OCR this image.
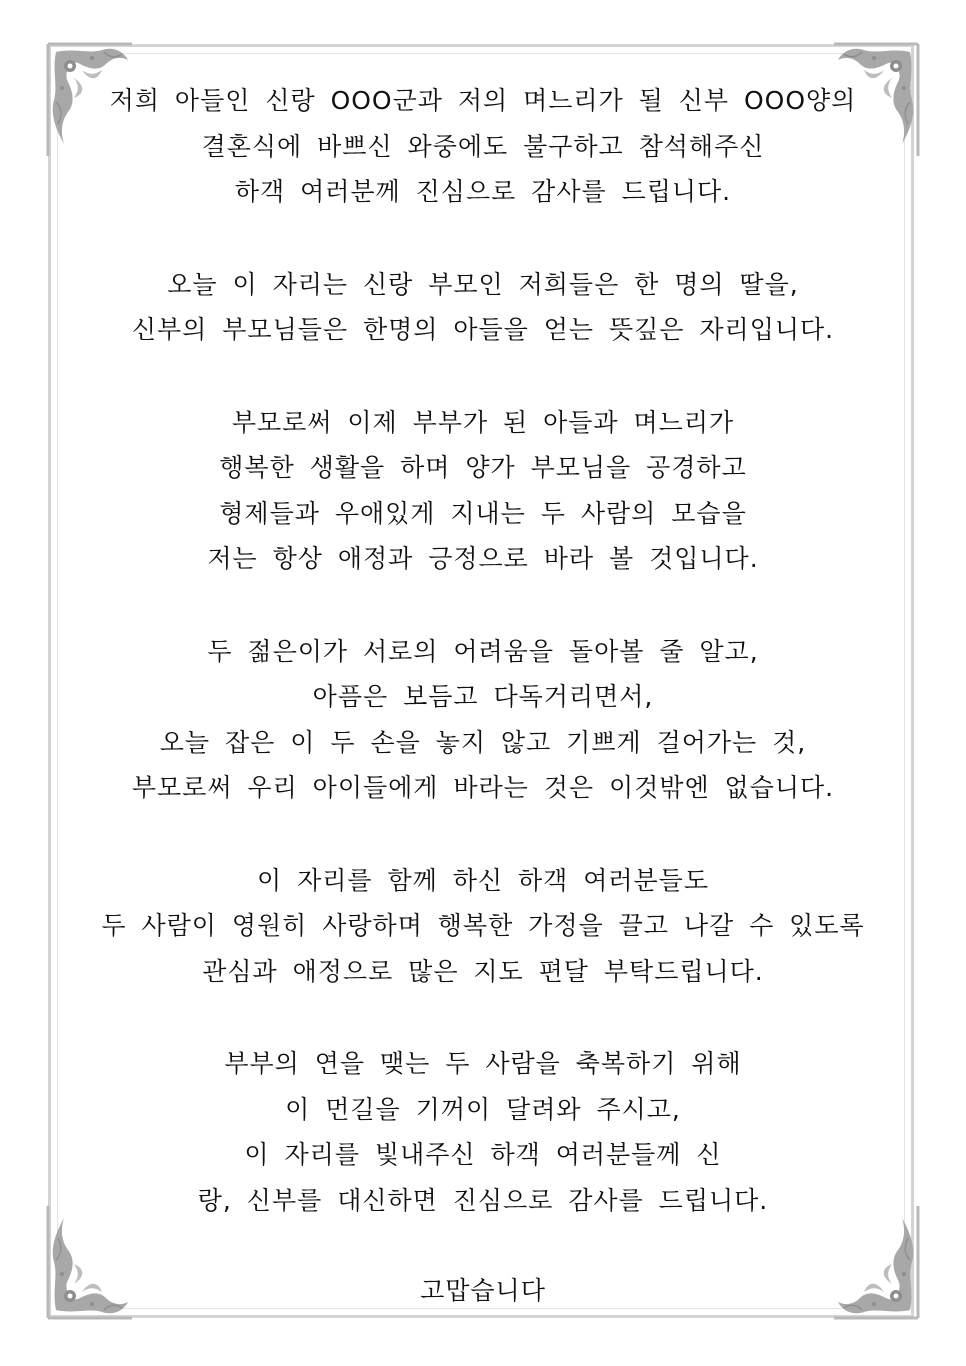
저희 아들인 신랑 OOO군과 저의 며느리가 될 신부 OOO양의
결혼식에 바쁘신 와중에도 불구하고 참석해주신
하객 여러분께 진심으로 감사를 드립니다.
오늘 이 자리는 신랑 부모인 저희들은 한 명의 딸을,
신부의 부모님들은 한명의 아들을 얻는 뜻깊은 자리입니다.
부모로써 이제 부부가 된 아들과 며느리가
행복한 생활을 하며 양가 부모님을 공경하고
형제들과 우애있게 지내는 두 사람의 모습을
저는 항상 애정과 긍정으로 바라 볼 것입니다.
두 젊은이가 서로의 어려움을 돌아볼 줄 알고,
아픔은 보듬고 다독거리면서,
오늘 잡은 이 두 손을 놓지 않고 기쁘게 걸어가는 것,
부모로써 우리 아이들에게 바라는 것은 이것밖엔 없습니다.
이 자리를 함께 하신 하객 여러분들도
두 사람이 영원히 사랑하며 행복한 가정을 끌고 나갈 수 있도록
관심과 애정으로 많은 지도 편달 부탁드립니다.
부부의 연을 맺는 두 사람을 축복하기 위해
이 먼길을 기꺼이 달려와 주시고,
이 자리를 빛내주신 하객 여러분들께 신
랑, 신부를 대신하면 진심으로 감사를 드립니다.
고맙습니다
